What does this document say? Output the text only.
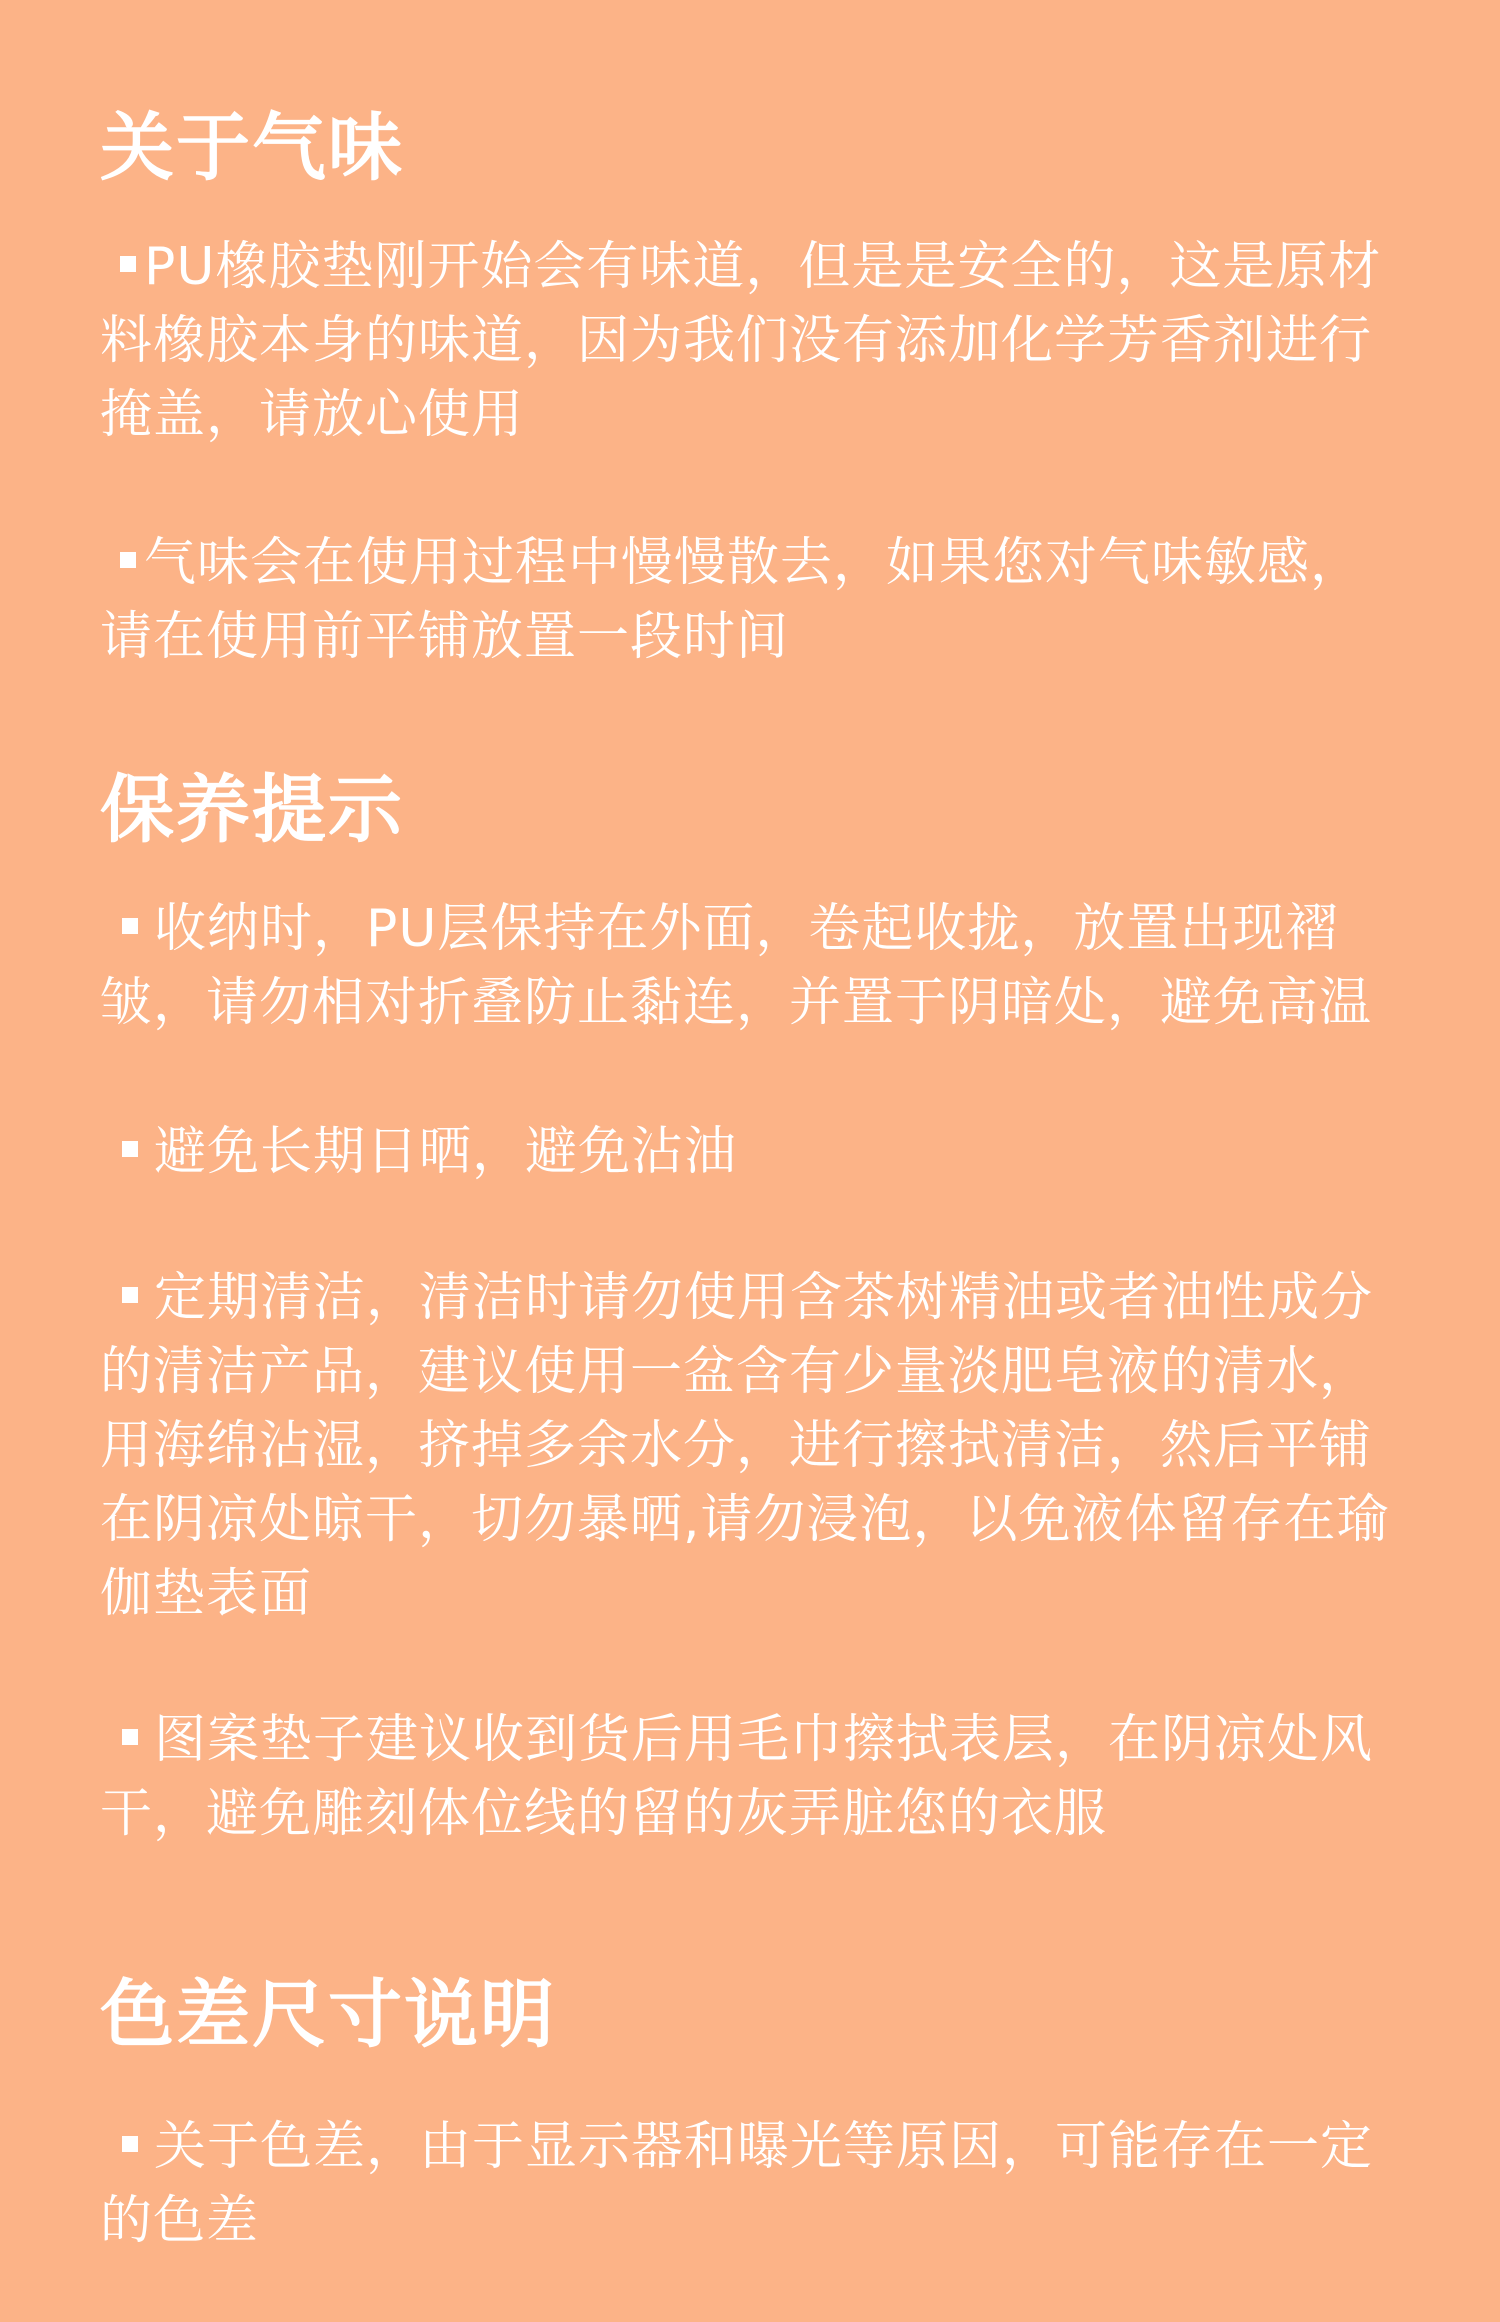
关于气味
PU橡胶垫刚开始会有味道，但是是安全的，这是原材料橡胶本身的味道，因为我们没有添加化学芳香剂进行掩盖，请放心使用
气味会在使用过程中慢慢散去，如果您对气味敏感，请在使用前平铺放置一段时间
保养提示
收纳时，PU层保持在外面，卷起收拢，放置出现褶皱，请勿相对折叠防止黏连，并置于阴暗处，避免高温
避免长期日晒，避免沾油
定期清洁，清洁时请勿使用含茶树精油或者油性成分的清洁产品，建议使用一盆含有少量淡肥皂液的清水，用海绵沾湿，挤掉多余水分，进行擦拭清洁，然后平铺在阴凉处晾干，切勿暴晒,请勿浸泡，以免液体留存在瑜伽垫表面
图案垫子建议收到货后用毛巾擦拭表层，在阴凉处风干，避免雕刻体位线的留的灰弄脏您的衣服
色差尺寸说明
关于色差，由于显示器和曝光等原因，可能存在一定的色差
